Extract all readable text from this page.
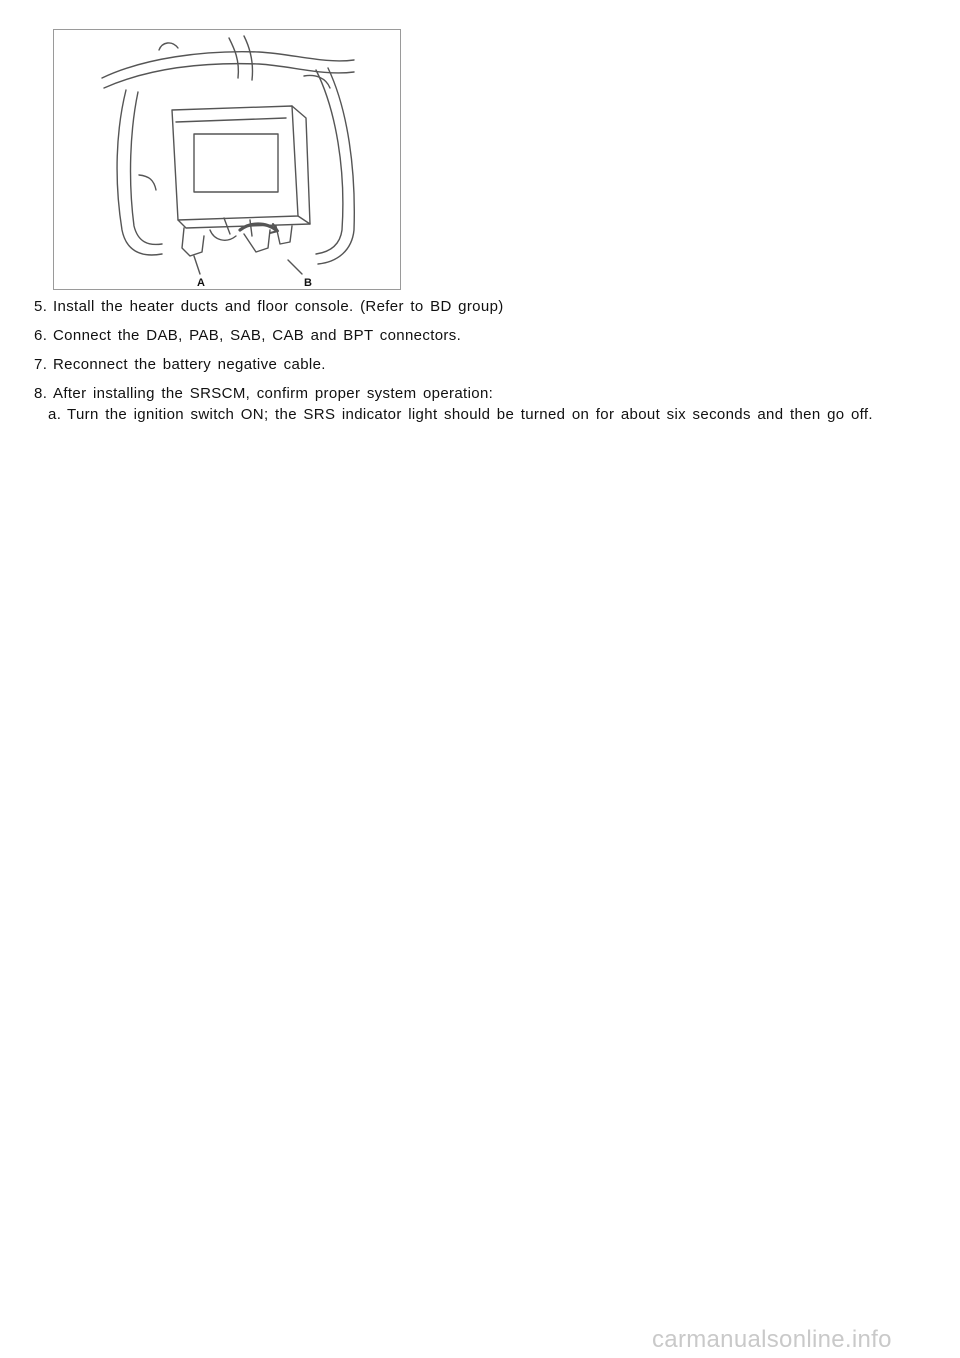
A	B
5. Install the heater ducts and floor console. (Refer to BD group)
6. Connect the DAB, PAB, SAB, CAB and BPT connectors.
7. Reconnect the battery negative cable.
8. After installing the SRSCM, confirm proper system operation:
a. Turn the ignition switch ON; the SRS indicator light should be turned on for about six seconds and then go off.
carmanualsonline.info
